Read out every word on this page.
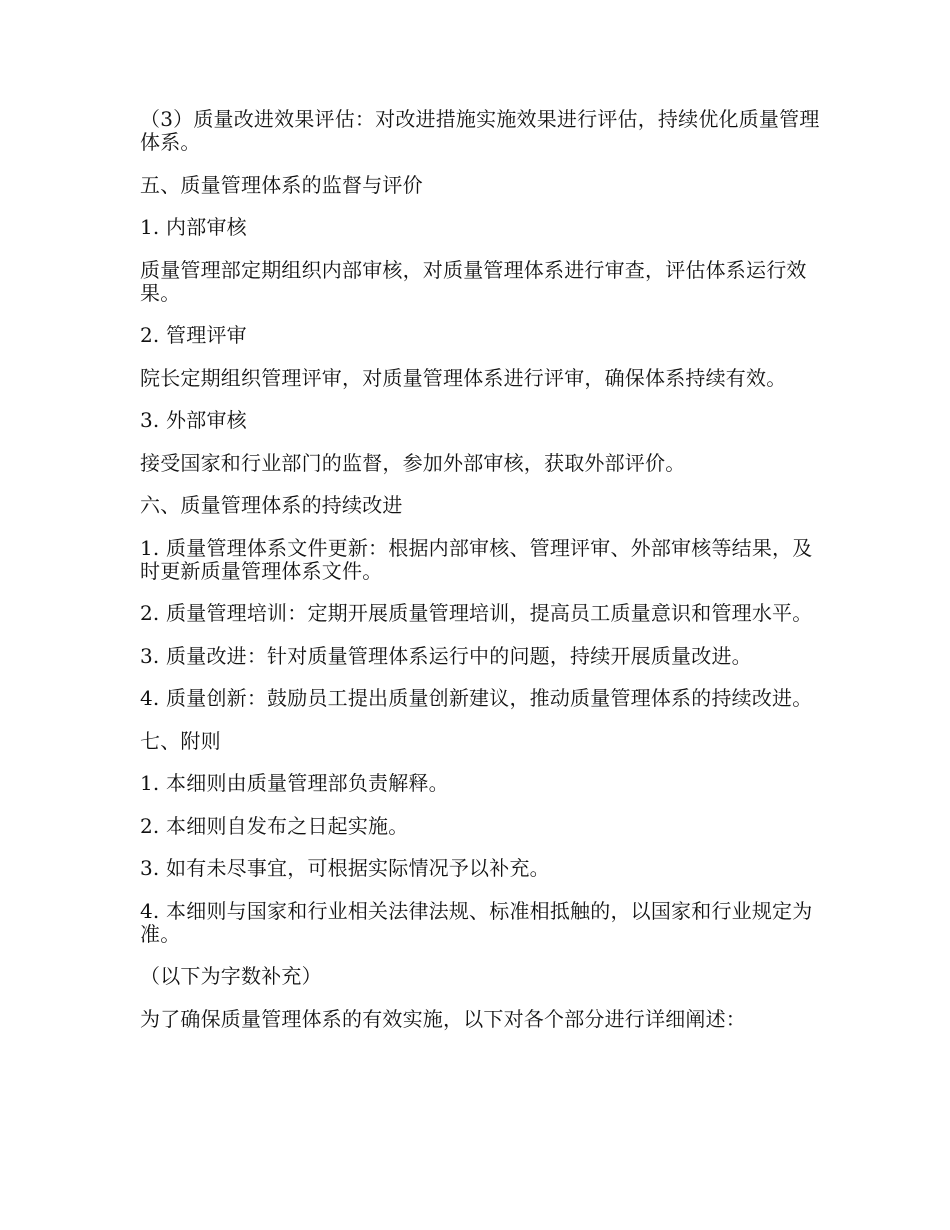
（3）质量改进效果评估：对改进措施实施效果进行评估，持续优化质量管理体系。

五、质量管理体系的监督与评价

1. 内部审核

质量管理部定期组织内部审核，对质量管理体系进行审查，评估体系运行效果。

2. 管理评审

院长定期组织管理评审，对质量管理体系进行评审，确保体系持续有效。

3. 外部审核

接受国家和行业部门的监督，参加外部审核，获取外部评价。

六、质量管理体系的持续改进

1. 质量管理体系文件更新：根据内部审核、管理评审、外部审核等结果，及时更新质量管理体系文件。

2. 质量管理培训：定期开展质量管理培训，提高员工质量意识和管理水平。

3. 质量改进：针对质量管理体系运行中的问题，持续开展质量改进。

4. 质量创新：鼓励员工提出质量创新建议，推动质量管理体系的持续改进。

七、附则

1. 本细则由质量管理部负责解释。

2. 本细则自发布之日起实施。

3. 如有未尽事宜，可根据实际情况予以补充。

4. 本细则与国家和行业相关法律法规、标准相抵触的，以国家和行业规定为准。

（以下为字数补充）

为了确保质量管理体系的有效实施，以下对各个部分进行详细阐述：
